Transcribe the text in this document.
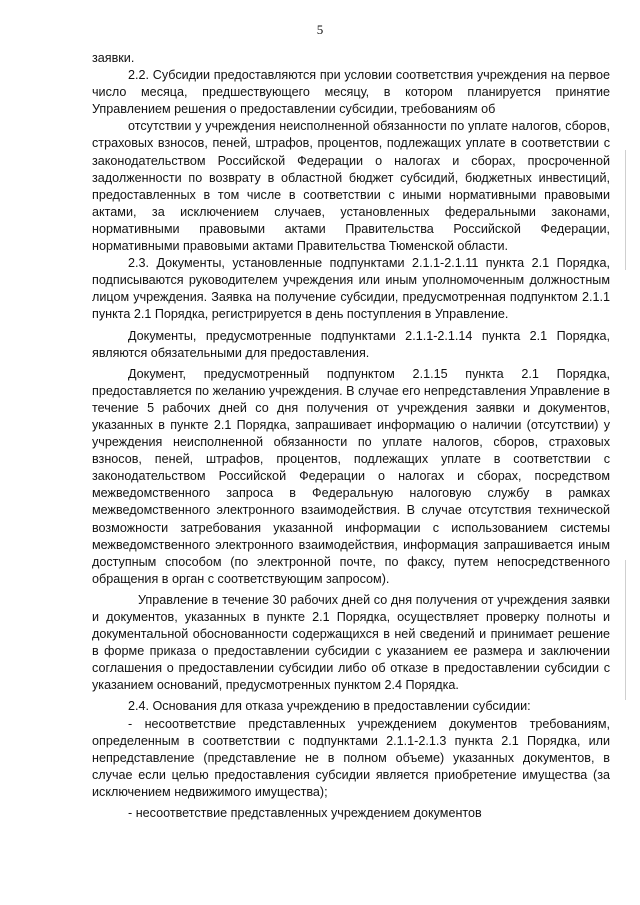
5

заявки.

2.2. Субсидии предоставляются при условии соответствия учреждения на первое число месяца, предшествующего месяцу, в котором планируется принятие Управлением решения о предоставлении субсидии, требованиям об

отсутствии у учреждения неисполненной обязанности по уплате налогов, сборов, страховых взносов, пеней, штрафов, процентов, подлежащих уплате в соответствии с законодательством Российской Федерации о налогах и сборах, просроченной задолженности по возврату в областной бюджет субсидий, бюджетных инвестиций, предоставленных в том числе в соответствии с иными нормативными правовыми актами, за исключением случаев, установленных федеральными законами, нормативными правовыми актами Правительства Российской Федерации, нормативными правовыми актами Правительства Тюменской области.

2.3. Документы, установленные подпунктами 2.1.1-2.1.11 пункта 2.1 Порядка, подписываются руководителем учреждения или иным уполномоченным должностным лицом учреждения. Заявка на получение субсидии, предусмотренная подпунктом 2.1.1 пункта 2.1 Порядка, регистрируется в день поступления в Управление.

Документы, предусмотренные подпунктами 2.1.1-2.1.14 пункта 2.1 Порядка, являются обязательными для предоставления.

Документ, предусмотренный подпунктом 2.1.15 пункта 2.1 Порядка, предоставляется по желанию учреждения. В случае его непредставления Управление в течение 5 рабочих дней со дня получения от учреждения заявки и документов, указанных в пункте 2.1 Порядка, запрашивает информацию о наличии (отсутствии) у учреждения неисполненной обязанности по уплате налогов, сборов, страховых взносов, пеней, штрафов, процентов, подлежащих уплате в соответствии с законодательством Российской Федерации о налогах и сборах, посредством межведомственного запроса в Федеральную налоговую службу в рамках межведомственного электронного взаимодействия. В случае отсутствия технической возможности затребования указанной информации с использованием системы межведомственного электронного взаимодействия, информация запрашивается иным доступным способом (по электронной почте, по факсу, путем непосредственного обращения в орган с соответствующим запросом).

Управление в течение 30 рабочих дней со дня получения от учреждения заявки и документов, указанных в пункте 2.1 Порядка, осуществляет проверку полноты и документальной обоснованности содержащихся в ней сведений и принимает решение в форме приказа о предоставлении субсидии с указанием ее размера и заключении соглашения о предоставлении субсидии либо об отказе в предоставлении субсидии с указанием оснований, предусмотренных пунктом 2.4 Порядка.

2.4. Основания для отказа учреждению в предоставлении субсидии:

- несоответствие представленных учреждением документов требованиям, определенным в соответствии с подпунктами 2.1.1-2.1.3 пункта 2.1 Порядка, или непредставление (представление не в полном объеме) указанных документов, в случае если целью предоставления субсидии является приобретение имущества (за исключением недвижимого имущества);

- несоответствие представленных учреждением документов
